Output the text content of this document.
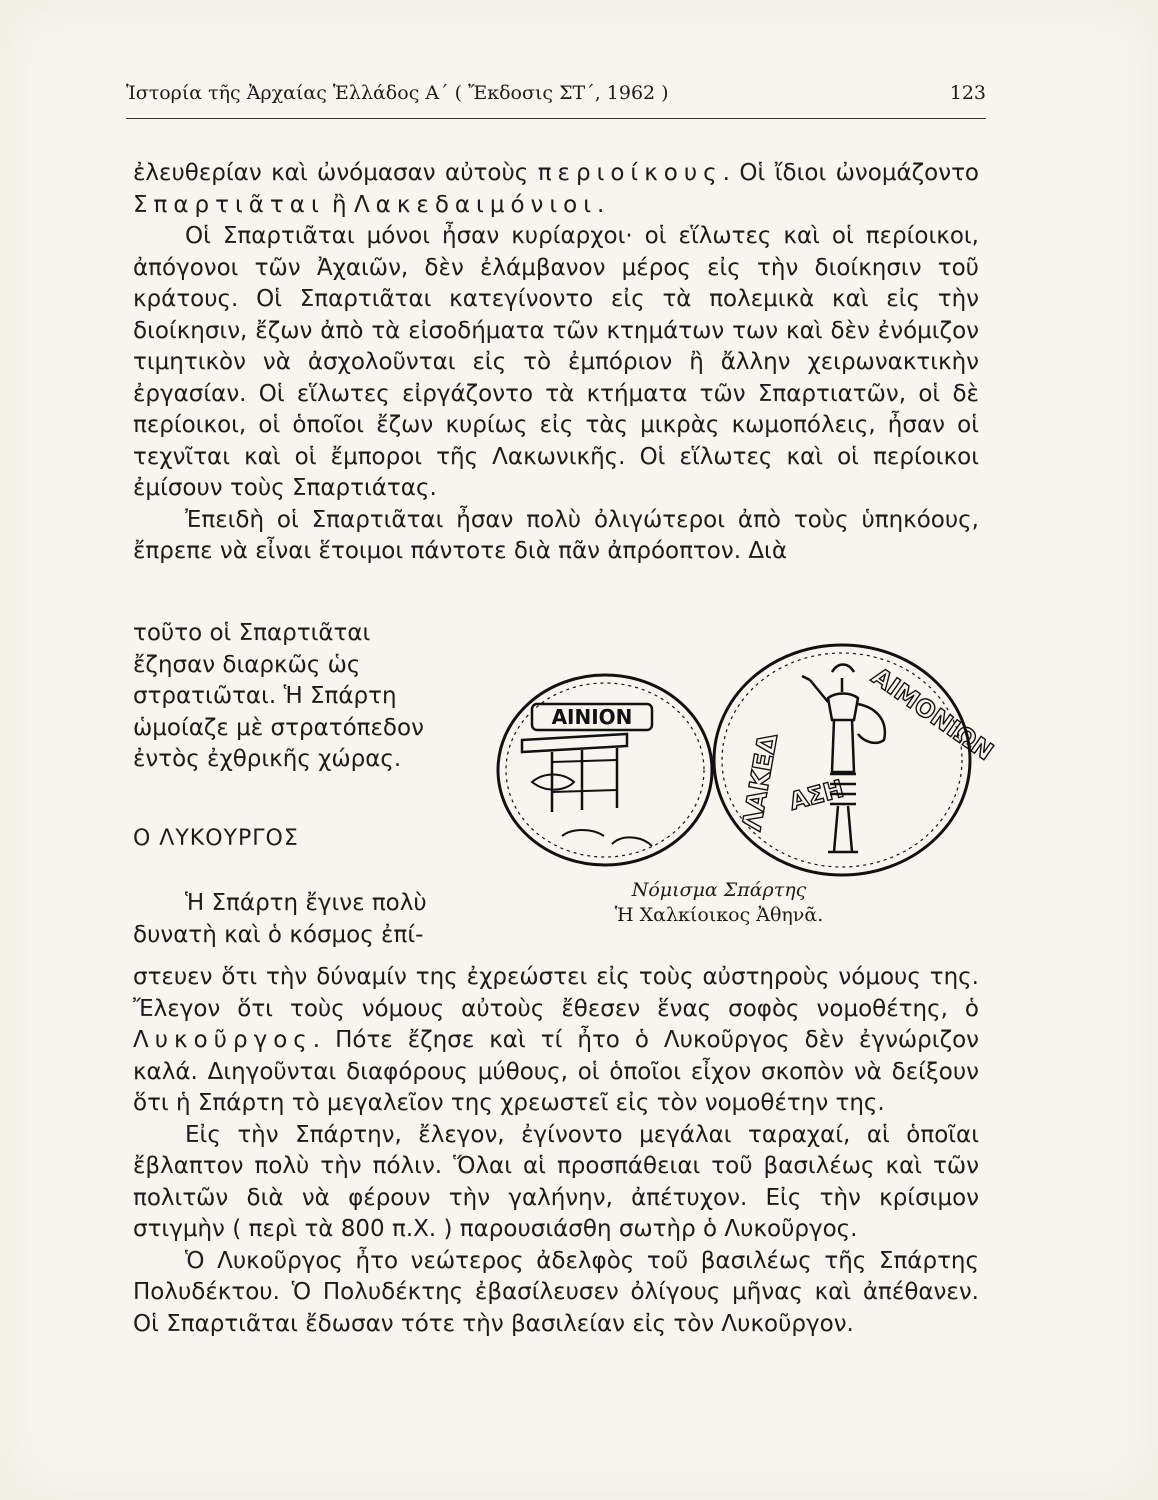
Ἱστορία τῆς Ἀρχαίας Ἑλλάδος Α΄ ( Ἔκδοσις ΣΤ΄, 1962 )	123

ἐλευθερίαν καὶ ὠνόμασαν αὐτοὺς περιοίκους. Οἱ ἴδιοι ὠνομάζοντο Σπαρτιᾶται ἢ Λακεδαιμόνιοι.

Οἱ Σπαρτιᾶται μόνοι ἦσαν κυρίαρχοι· οἱ εἵλωτες καὶ οἱ περίοικοι, ἀπόγονοι τῶν Ἀχαιῶν, δὲν ἐλάμβανον μέρος εἰς τὴν διοίκησιν τοῦ κράτους. Οἱ Σπαρτιᾶται κατεγίνοντο εἰς τὰ πολεμικὰ καὶ εἰς τὴν διοίκησιν, ἔζων ἀπὸ τὰ εἰσοδήματα τῶν κτημάτων των καὶ δὲν ἐνόμιζον τιμητικὸν νὰ ἀσχολοῦνται εἰς τὸ ἐμπόριον ἢ ἄλλην χειρωνακτικὴν ἐργασίαν. Οἱ εἵλωτες εἰργάζοντο τὰ κτήματα τῶν Σπαρτιατῶν, οἱ δὲ περίοικοι, οἱ ὁποῖοι ἔζων κυρίως εἰς τὰς μικρὰς κωμοπόλεις, ἦσαν οἱ τεχνῖται καὶ οἱ ἔμποροι τῆς Λακωνικῆς. Οἱ εἵλωτες καὶ οἱ περίοικοι ἐμίσουν τοὺς Σπαρτιάτας.

Ἐπειδὴ οἱ Σπαρτιᾶται ἦσαν πολὺ ὀλιγώτεροι ἀπὸ τοὺς ὑπηκόους, ἔπρεπε νὰ εἶναι ἕτοιμοι πάντοτε διὰ πᾶν ἀπρόοπτον. Διὰ

τοῦτο οἱ Σπαρτιᾶται ἔζησαν διαρκῶς ὡς στρατιῶται. Ἡ Σπάρτη ὡμοίαζε μὲ στρατόπεδον ἐντὸς ἐχθρικῆς χώρας.

Ο ΛΥΚΟΥΡΓΟΣ

Ἡ Σπάρτη ἔγινε πολὺ δυνατὴ καὶ ὁ κόσμος ἐπί-

στευεν ὅτι τὴν δύναμίν της ἐχρεώστει εἰς τοὺς αὐστηροὺς νόμους της. Ἔλεγον ὅτι τοὺς νόμους αὐτοὺς ἔθεσεν ἕνας σοφὸς νομοθέτης, ὁ Λυκοῦργος. Πότε ἔζησε καὶ τί ἦτο ὁ Λυκοῦργος δὲν ἐγνώριζον καλά. Διηγοῦνται διαφόρους μύθους, οἱ ὁποῖοι εἶχον σκοπὸν νὰ δείξουν ὅτι ἡ Σπάρτη τὸ μεγαλεῖον της χρεωστεῖ εἰς τὸν νομοθέτην της.

Εἰς τὴν Σπάρτην, ἔλεγον, ἐγίνοντο μεγάλαι ταραχαί, αἱ ὁποῖαι ἔβλαπτον πολὺ τὴν πόλιν. Ὅλαι αἱ προσπάθειαι τοῦ βασιλέως καὶ τῶν πολιτῶν διὰ νὰ φέρουν τὴν γαλήνην, ἀπέτυχον. Εἰς τὴν κρίσιμον στιγμὴν ( περὶ τὰ 800 π.Χ. ) παρουσιάσθη σωτὴρ ὁ Λυκοῦργος.

Ὁ Λυκοῦργος ἦτο νεώτερος ἀδελφὸς τοῦ βασιλέως τῆς Σπάρτης Πολυδέκτου. Ὁ Πολυδέκτης ἐβασίλευσεν ὀλίγους μῆνας καὶ ἀπέθανεν. Οἱ Σπαρτιᾶται ἔδωσαν τότε τὴν βασιλείαν εἰς τὸν Λυκοῦργον.

ΑΙΝΙΟΝ
ΛΑΚΕΔ
ΑΙΜΟΝΙΩΝ
ΑΣΗ
Νόμισμα Σπάρτης
Ἡ Χαλκίοικος Ἀθηνᾶ.
